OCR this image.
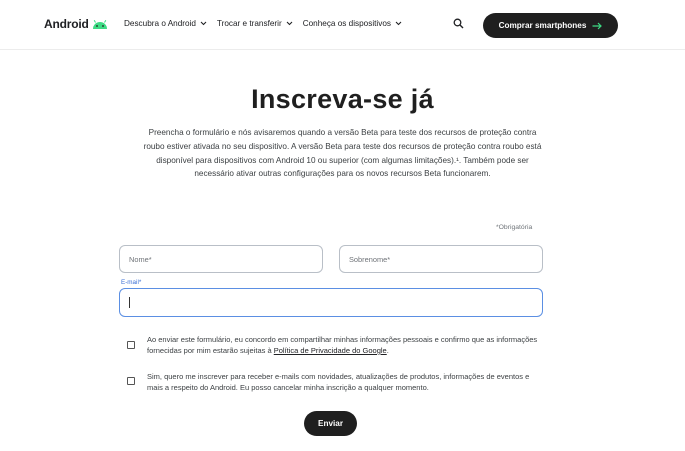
Android	Descubra o Android	Trocar e transferir	Conheça os dispositivos	Comprar smartphones
Inscreva-se já
Preencha o formulário e nós avisaremos quando a versão Beta para teste dos recursos de proteção contra roubo estiver ativada no seu dispositivo. A versão Beta para teste dos recursos de proteção contra roubo está disponível para dispositivos com Android 10 ou superior (com algumas limitações).¹. Também pode ser necessário ativar outras configurações para os novos recursos Beta funcionarem.
*Obrigatória
Nome*	Sobrenome*
E-mail*
Ao enviar este formulário, eu concordo em compartilhar minhas informações pessoais e confirmo que as informações fornecidas por mim estarão sujeitas à Política de Privacidade do Google.
Sim, quero me inscrever para receber e-mails com novidades, atualizações de produtos, informações de eventos e mais a respeito do Android. Eu posso cancelar minha inscrição a qualquer momento.
Enviar
